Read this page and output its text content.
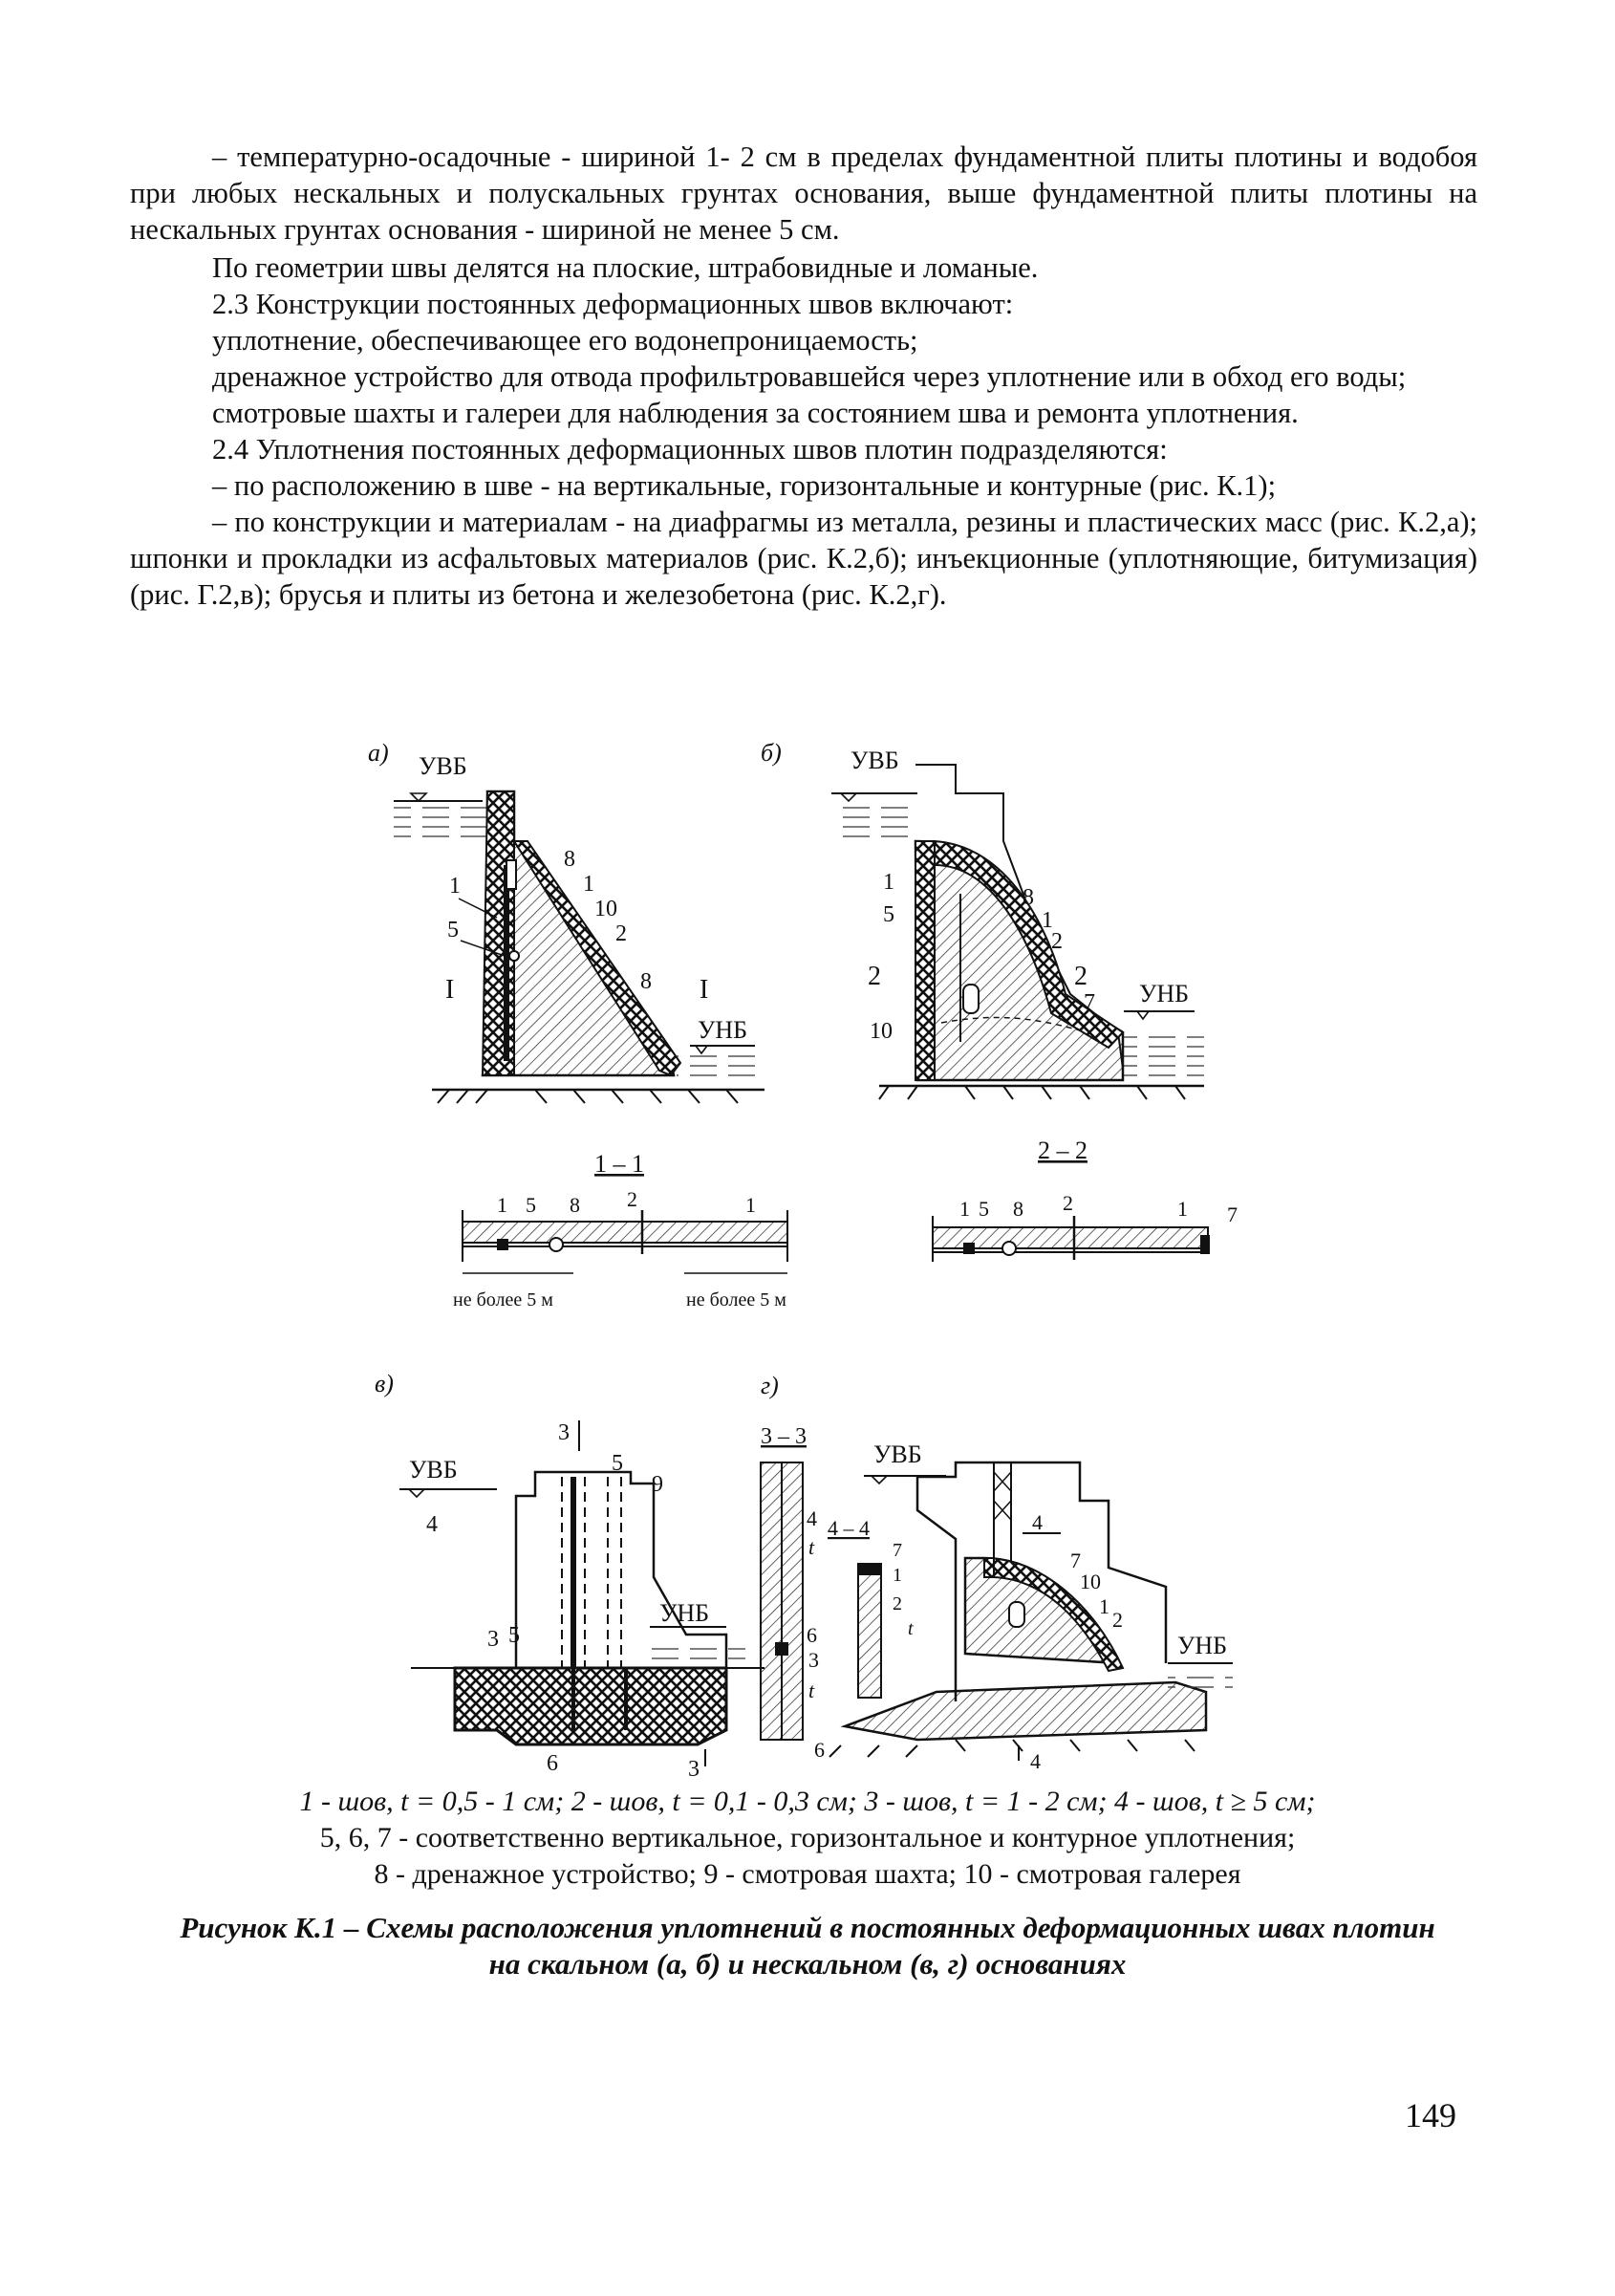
– температурно-осадочные - шириной 1- 2 см в пределах фундаментной плиты плотины и водобоя при любых нескальных и полускальных грунтах основания, выше фундаментной плиты плотины на нескальных грунтах основания - шириной не менее 5 см.

По геометрии швы делятся на плоские, штрабовидные и ломаные.

2.3 Конструкции постоянных деформационных швов включают:

уплотнение, обеспечивающее его водонепроницаемость;

дренажное устройство для отвода профильтровавшейся через уплотнение или в обход его воды;

смотровые шахты и галереи для наблюдения за состоянием шва и ремонта уплотнения.

2.4 Уплотнения постоянных деформационных швов плотин подразделяются:

– по расположению в шве - на вертикальные, горизонтальные и контурные (рис. К.1);

– по конструкции и материалам - на диафрагмы из металла, резины и пластических масс (рис. К.2,а); шпонки и прокладки из асфальтовых материалов (рис. К.2,б); инъекционные (уплотняющие, битумизация) (рис. Г.2,в); брусья и плиты из бетона и железобетона (рис. К.2,г).

а) УВБ
УНБ
8
1
10
2
8
1
5
I	I
б)	УВБ
УНБ
1
5
10
8
1
2
7
2	2
1 – 1
1 5 8 2	1
не более 5 м	не более 5 м
2 – 2
1 5 8 2	1 7
в)
3
УВБ
УНБ
4
5
9
3 5
6	3
г)
3 – 3
4
t
6
3
t
6
УВБ
4 – 4
7
1
2
t
УНБ
4
7
10
1
2
4
1 - шов, t = 0,5 - 1 см; 2 - шов, t = 0,1 - 0,3 см; 3 - шов, t = 1 - 2 см; 4 - шов, t ≥ 5 см;
5, 6, 7 - соответственно вертикальное, горизонтальное и контурное уплотнения;
8 - дренажное устройство; 9 - смотровая шахта; 10 - смотровая галерея
Рисунок К.1 – Схемы расположения уплотнений в постоянных деформационных швах плотин
на скальном (а, б) и нескальном (в, г) основаниях
149
